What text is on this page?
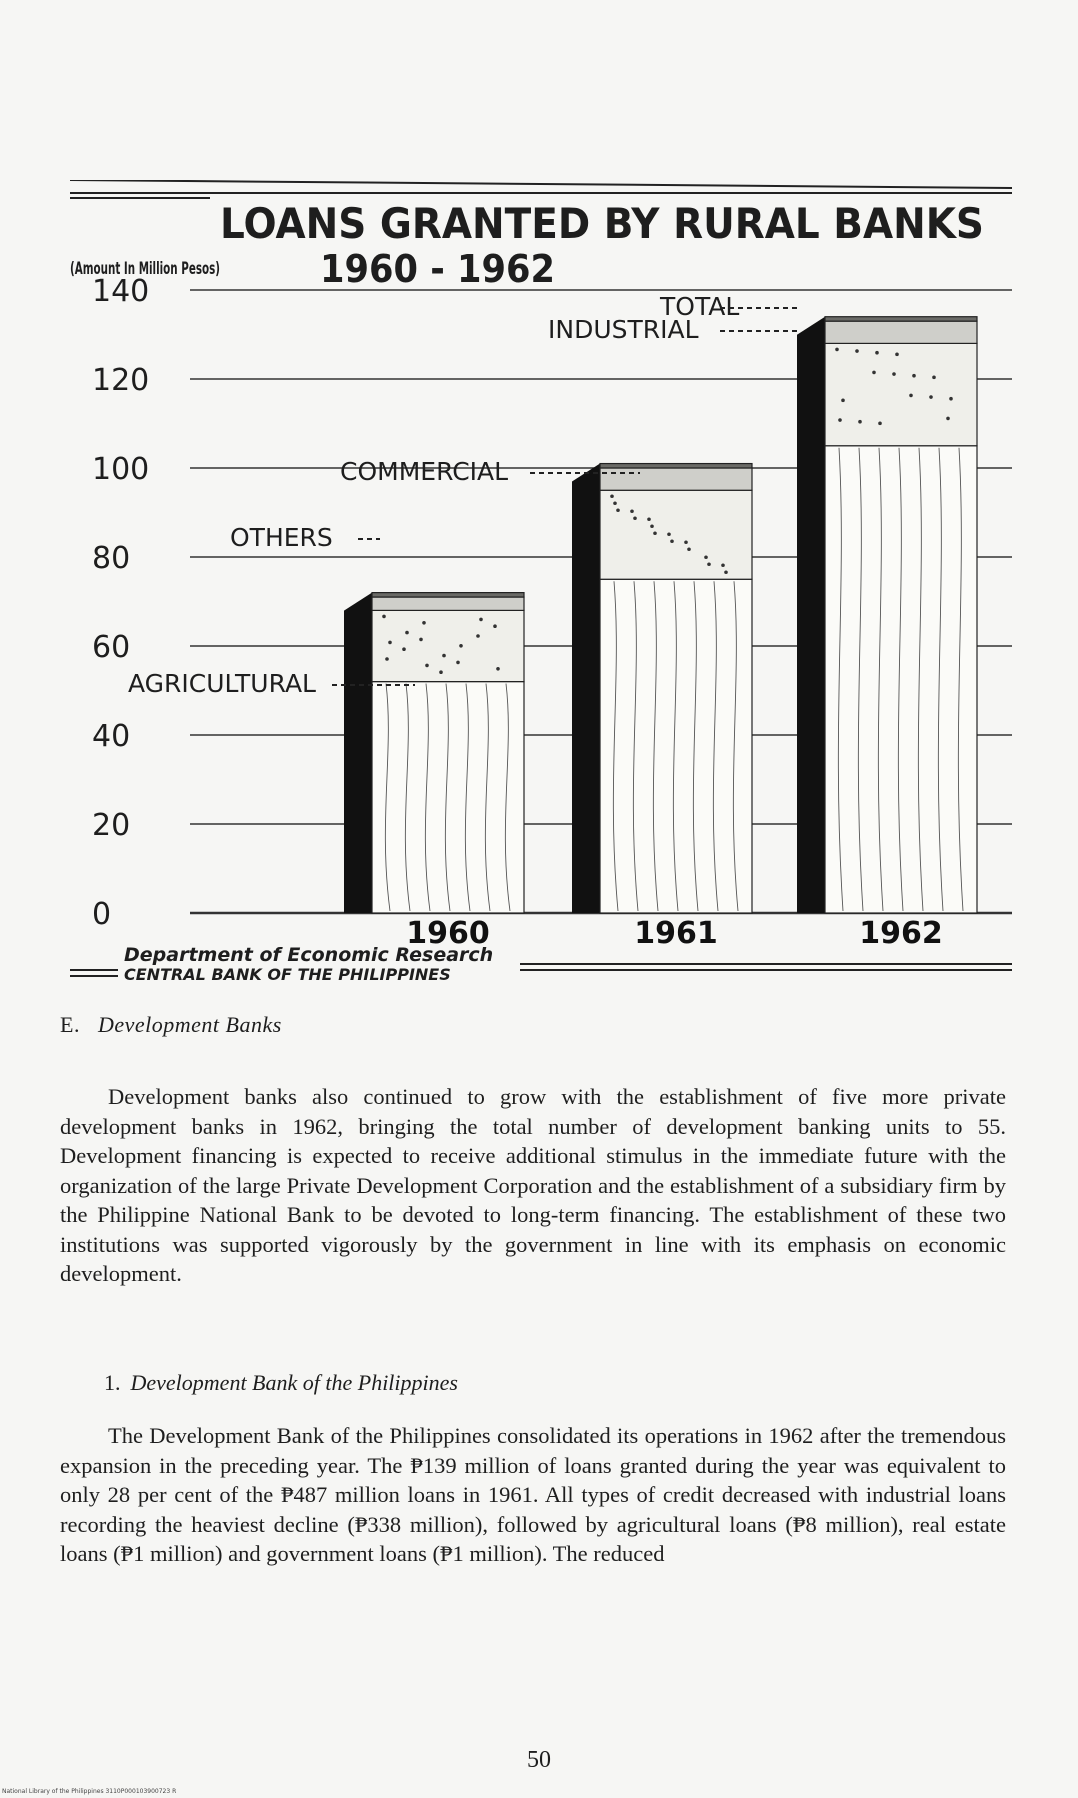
LOANS GRANTED BY RURAL BANKS
1960 - 1962
(Amount In Million Pesos)
0
20
40
60
80
100
120
140
1960	1961	1962
TOTAL
INDUSTRIAL
COMMERCIAL
OTHERS
AGRICULTURAL
Department of Economic Research
CENTRAL BANK OF THE PHILIPPINES
E. Development Banks
Development banks also continued to grow with the establishment of five more private development banks in 1962, bringing the total number of development banking units to 55. Development financing is expected to receive additional stimulus in the immediate future with the organization of the large Private Development Corporation and the establishment of a subsidiary firm by the Philippine National Bank to be devoted to long-term financing. The establishment of these two institutions was supported vigorously by the government in line with its emphasis on economic development.
1. Development Bank of the Philippines
The Development Bank of the Philippines consolidated its operations in 1962 after the tremendous expansion in the preceding year. The ₱139 million of loans granted during the year was equivalent to only 28 per cent of the ₱487 million loans in 1961. All types of credit decreased with industrial loans recording the heaviest decline (₱338 million), followed by agricultural loans (₱8 million), real estate loans (₱1 million) and government loans (₱1 million). The reduced
50
National Library of the Philippines 3110P000103900723 R
